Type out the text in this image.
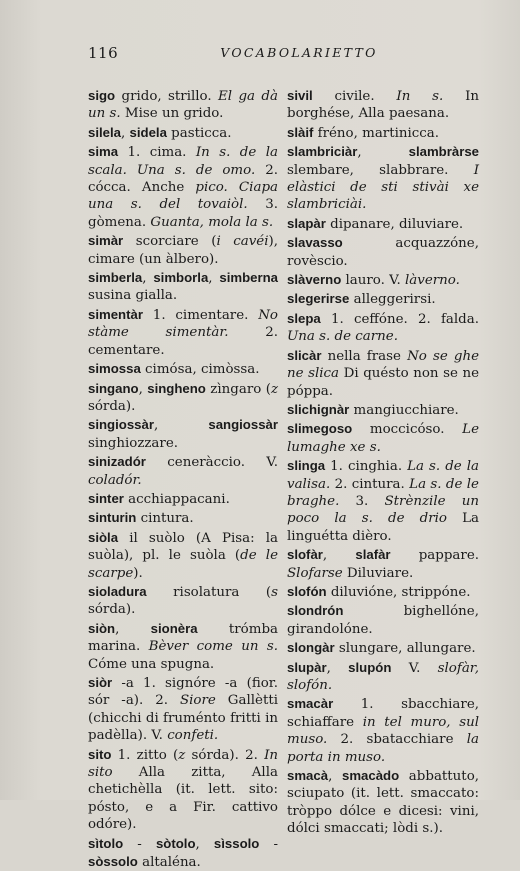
116	VOCABOLARIETTO

sigo grido, strillo. El ga dà un s. Mise un grido.

silela, sidela pasticca.

sima 1. cima. In s. de la scala. Una s. de omo. 2. cócca. Anche pico. Ciapa una s. del tovaiòl. 3. gòmena. Guanta, mola la s.

simàr scorciare (i cavéi), cimare (un àlbero).

simberla, simborla, simberna susina gialla.

simentàr 1. cimentare. No stàme simentàr. 2. cementare.

simossa cimósa, cimòssa.

singano, singheno zìngaro (z sórda).

singiossàr, sangiossàr singhiozzare.

sinizadór ceneràccio. V. coladór.

sinter acchiappacani.

sinturin cintura.

siòla il suòlo (A Pisa: la suòla), pl. le suòla (de le scarpe).

sioladura risolatura (s sórda).

siòn, sionèra trómba marina. Bèver come un s. Cóme una spugna.

siòr -a 1. signóre -a (fior. sór -a). 2. Siore Gallètti (chicchi di fruménto fritti in padèlla). V. confeti.

sito 1. zitto (z sórda). 2. In sito Alla zitta, Alla chetichèlla (it. lett. sito: pósto, e a Fir. cattivo odóre).

sìtolo - sòtolo, sìssolo - sòssolo altaléna.

sivil civile. In s. In borghése, Alla paesana.

slàif fréno, martinicca.

slambriciàr, slambràrse slembare, slabbrare. I elàstici de sti stivài xe slambriciài.

slapàr dipanare, diluviare.

slavasso acquazzóne, rovèscio.

slàverno lauro. V. làverno.

slegerirse alleggerirsi.

slepa 1. ceffóne. 2. falda. Una s. de carne.

slicàr nella frase No se ghe ne slica Di quésto non se ne póppa.

slichignàr mangiucchiare.

slimegoso moccicóso. Le lumaghe xe s.

slinga 1. cinghia. La s. de la valisa. 2. cintura. La s. de le braghe. 3. Strènzile un poco la s. de drio La linguétta dièro.

slofàr, slafàr pappare. Slofarse Diluviare.

slofón diluvióne, strippóne.

slondrón bighellóne, girandolóne.

slongàr slungare, allungare.

slupàr, slupón V. slofàr, slofón.

smacàr 1. sbacchiare, schiaffare in tel muro, sul muso. 2. sbatacchiare la porta in muso.

smacà, smacàdo abbattuto, sciupato (it. lett. smaccato: tròppo dólce e dicesi: vini, dólci smaccati; lòdi s.).
